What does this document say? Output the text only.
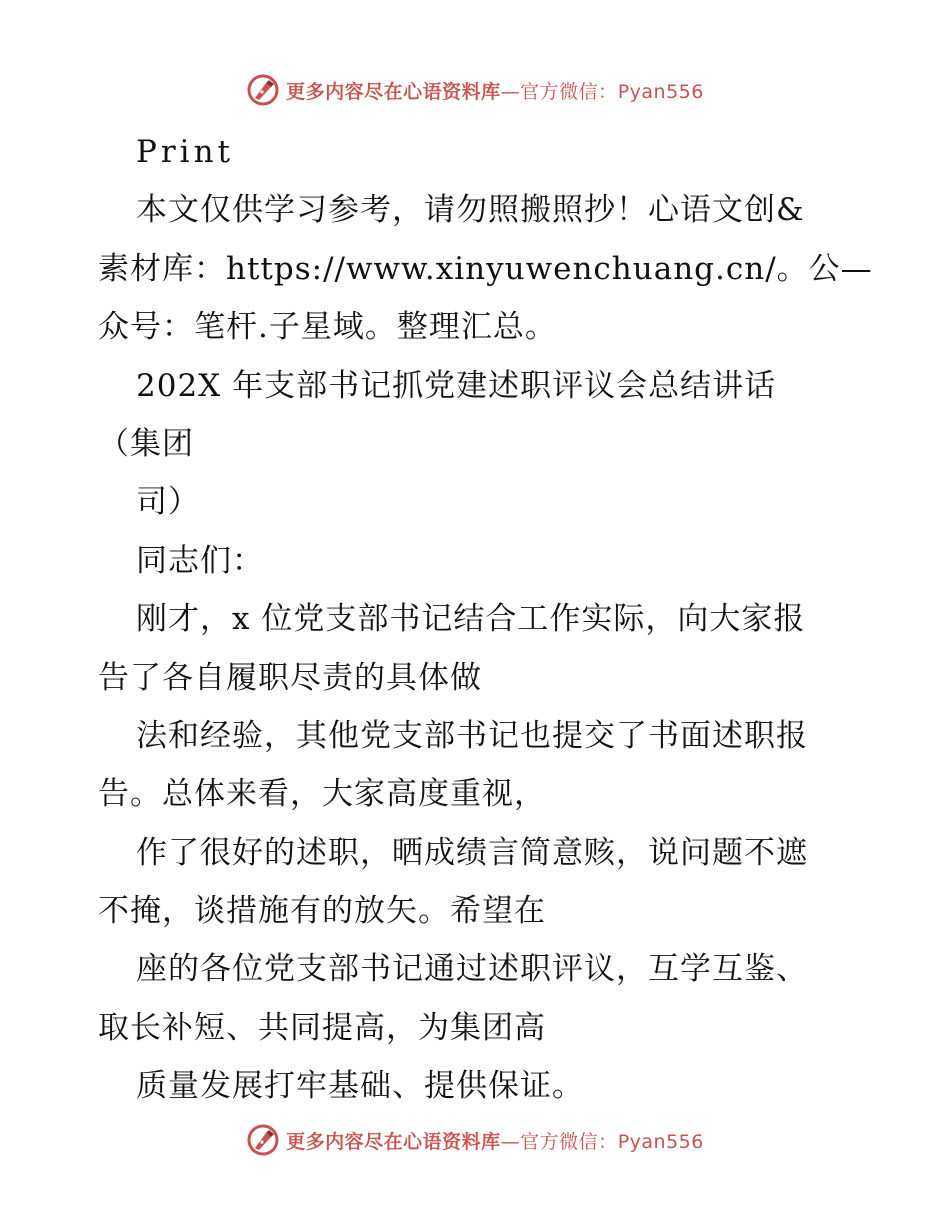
更多内容尽在心语资料库—官方微信：Pyan556
Print
本文仅供学习参考，请勿照搬照抄！心语文创&
素材库：https://www.xinyuwenchuang.cn/。公—
众号：笔杆.子星域。整理汇总。
202X 年支部书记抓党建述职评议会总结讲话
（集团
司）
同志们：
刚才，x 位党支部书记结合工作实际，向大家报
告了各自履职尽责的具体做
法和经验，其他党支部书记也提交了书面述职报
告。总体来看，大家高度重视，
作了很好的述职，晒成绩言简意赅，说问题不遮
不掩，谈措施有的放矢。希望在
座的各位党支部书记通过述职评议，互学互鉴、
取长补短、共同提高，为集团高
质量发展打牢基础、提供保证。
更多内容尽在心语资料库—官方微信：Pyan556
